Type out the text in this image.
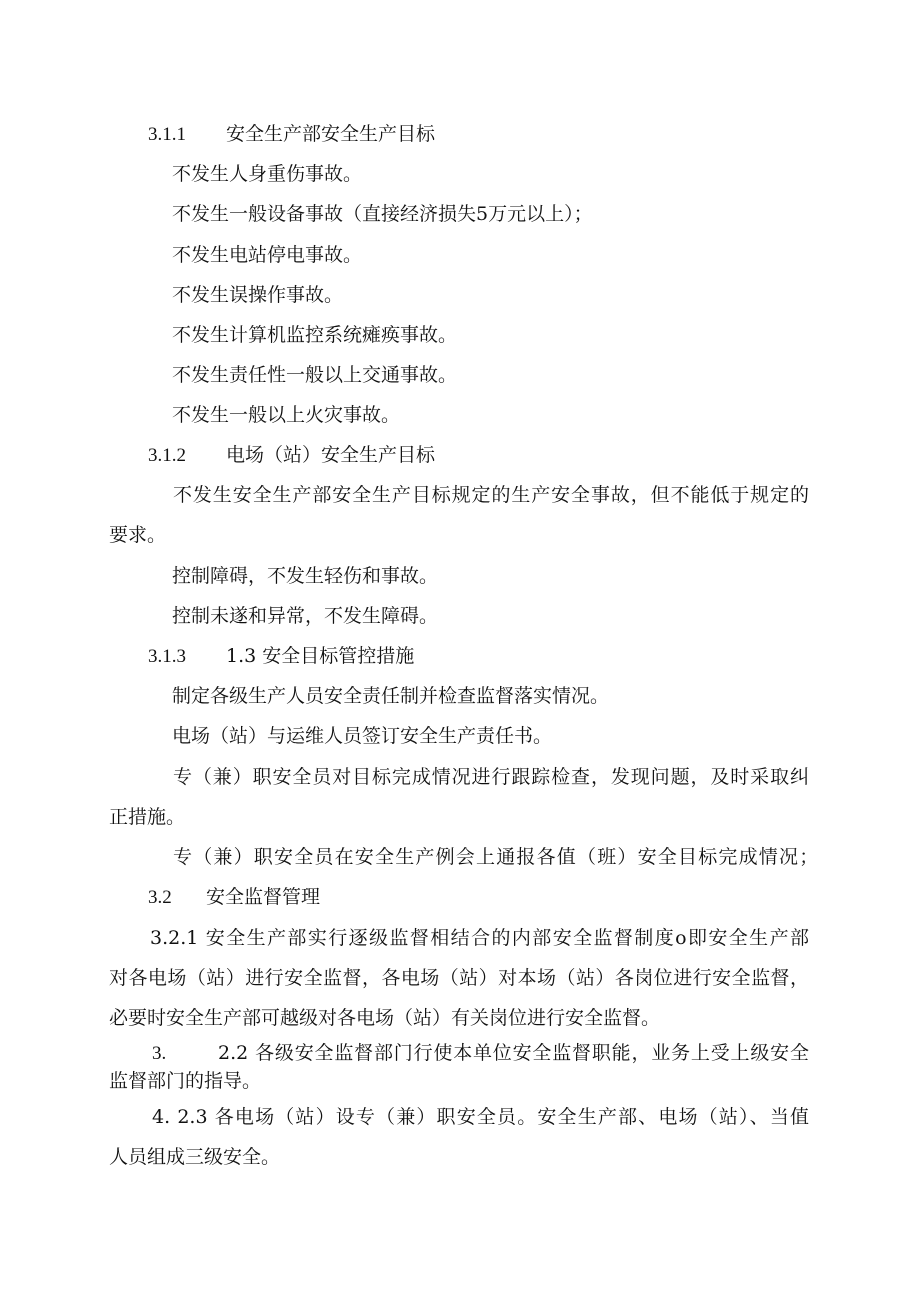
3.1.1 安全生产部安全生产目标
不发生人身重伤事故。
不发生一般设备事故（直接经济损失5万元以上）；
不发生电站停电事故。
不发生误操作事故。
不发生计算机监控系统瘫痪事故。
不发生责任性一般以上交通事故。
不发生一般以上火灾事故。
3.1.2 电场（站）安全生产目标
不发生安全生产部安全生产目标规定的生产安全事故，但不能低于规定的
要求。
控制障碍，不发生轻伤和事故。
控制未遂和异常，不发生障碍。
3.1.3 1.3 安全目标管控措施
制定各级生产人员安全责任制并检查监督落实情况。
电场（站）与运维人员签订安全生产责任书。
专（兼）职安全员对目标完成情况进行跟踪检查，发现问题，及时采取纠
正措施。
专（兼）职安全员在安全生产例会上通报各值（班）安全目标完成情况；
3.2 安全监督管理
3.2.1 安全生产部实行逐级监督相结合的内部安全监督制度o即安全生产部
对各电场（站）进行安全监督，各电场（站）对本场（站）各岗位进行安全监督，
必要时安全生产部可越级对各电场（站）有关岗位进行安全监督。
3.	2.2 各级安全监督部门行使本单位安全监督职能，业务上受上级安全
监督部门的指导。
4. 2.3 各电场（站）设专（兼）职安全员。安全生产部、电场（站）、当值
人员组成三级安全。
